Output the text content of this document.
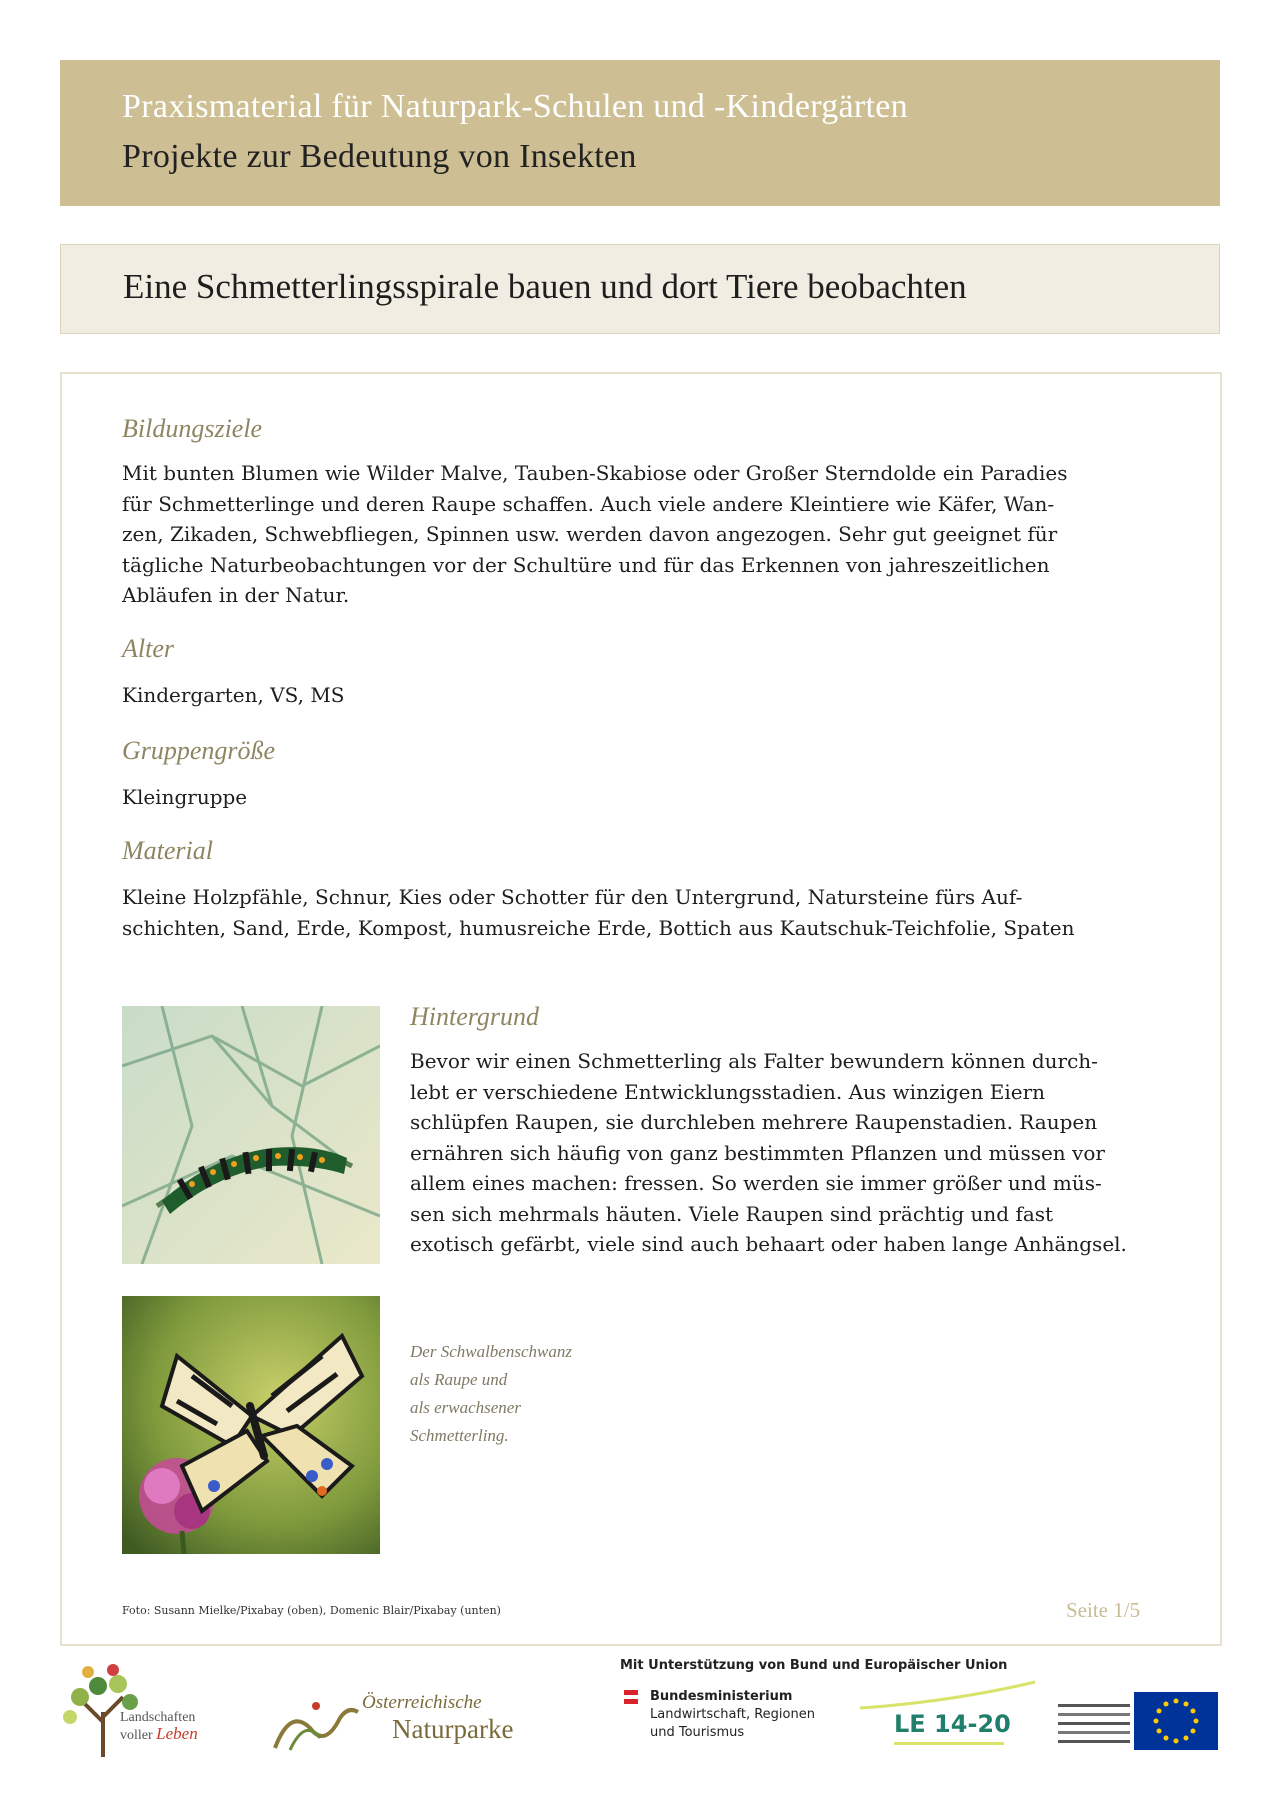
Praxismaterial für Naturpark-Schulen und -Kindergärten
Projekte zur Bedeutung von Insekten
Eine Schmetterlingsspirale bauen und dort Tiere beobachten
Bildungsziele
Mit bunten Blumen wie Wilder Malve, Tauben-Skabiose oder Großer Sterndolde ein Paradies
für Schmetterlinge und deren Raupe schaffen. Auch viele andere Kleintiere wie Käfer, Wan-
zen, Zikaden, Schwebfliegen, Spinnen usw. werden davon angezogen. Sehr gut geeignet für
tägliche Naturbeobachtungen vor der Schultüre und für das Erkennen von jahreszeitlichen
Abläufen in der Natur.
Alter
Kindergarten, VS, MS
Gruppengröße
Kleingruppe
Material
Kleine Holzpfähle, Schnur, Kies oder Schotter für den Untergrund, Natursteine fürs Auf-
schichten, Sand, Erde, Kompost, humusreiche Erde, Bottich aus Kautschuk-Teichfolie, Spaten
Hintergrund
Bevor wir einen Schmetterling als Falter bewundern können durch-
lebt er verschiedene Entwicklungsstadien. Aus winzigen Eiern
schlüpfen Raupen, sie durchleben mehrere Raupenstadien. Raupen
ernähren sich häufig von ganz bestimmten Pflanzen und müssen vor
allem eines machen: fressen. So werden sie immer größer und müs-
sen sich mehrmals häuten. Viele Raupen sind prächtig und fast
exotisch gefärbt, viele sind auch behaart oder haben lange Anhängsel.
Der Schwalbenschwanz
als Raupe und
als erwachsener
Schmetterling.
Foto: Susann Mielke/Pixabay (oben), Domenic Blair/Pixabay (unten)	Seite 1/5
Landschaften
voller Leben
Österreichische
Naturparke
Mit Unterstützung von Bund und Europäischer Union
Bundesministerium
Landwirtschaft, Regionen
und Tourismus	LE 14-20
